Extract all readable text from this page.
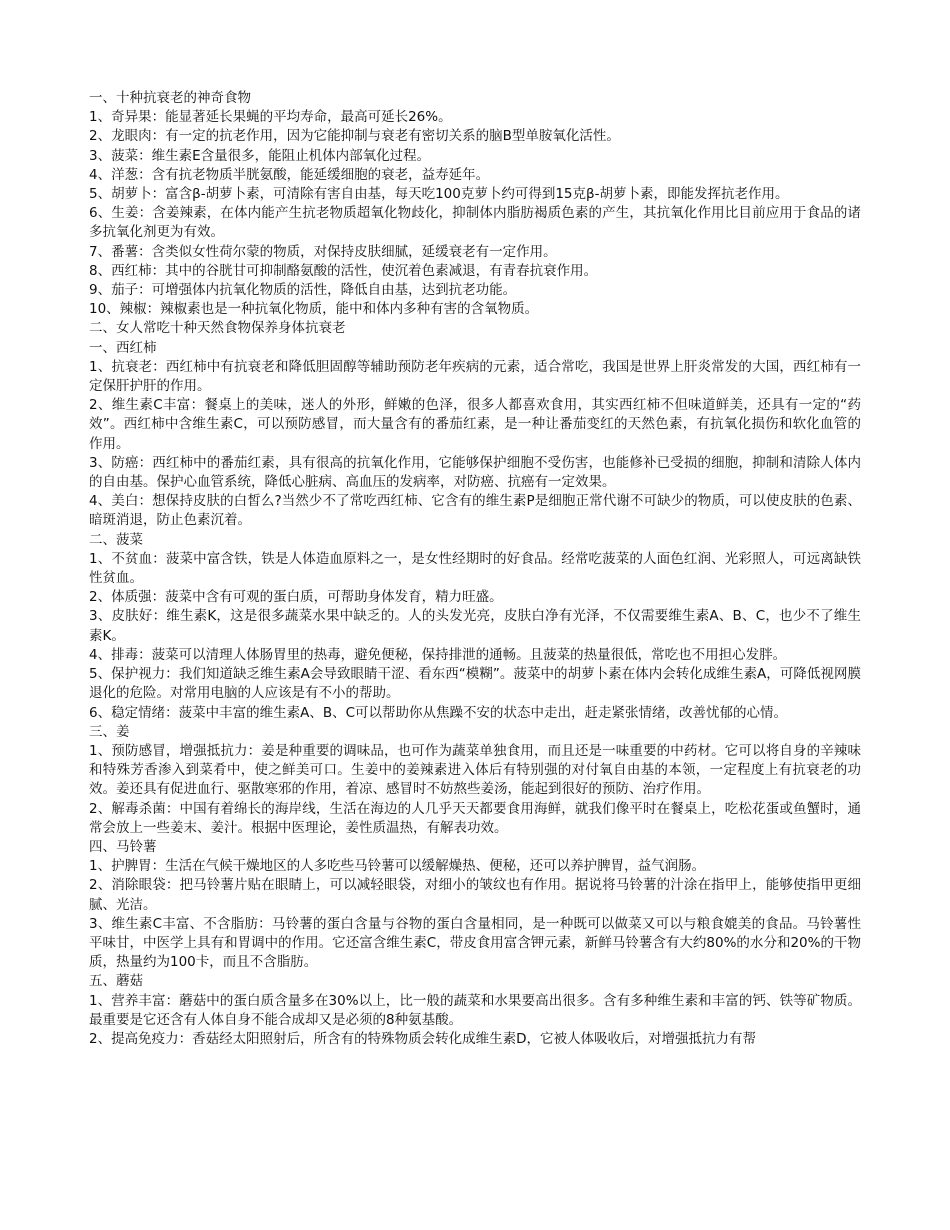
一、十种抗衰老的神奇食物

1、奇异果：能显著延长果蝇的平均寿命，最高可延长26%。

2、龙眼肉：有一定的抗老作用，因为它能抑制与衰老有密切关系的脑B型单胺氧化活性。

3、菠菜：维生素E含量很多，能阻止机体内部氧化过程。

4、洋葱：含有抗老物质半胱氨酸，能延缓细胞的衰老，益寿延年。

5、胡萝卜：富含β-胡萝卜素，可清除有害自由基，每天吃100克萝卜约可得到15克β-胡萝卜素，即能发挥抗老作用。

6、生姜：含姜辣素，在体内能产生抗老物质超氧化物歧化，抑制体内脂肪褐质色素的产生，其抗氧化作用比目前应用于食品的诸多抗氧化剂更为有效。

7、番薯：含类似女性荷尔蒙的物质，对保持皮肤细腻，延缓衰老有一定作用。

8、西红柿：其中的谷胱甘可抑制酪氨酸的活性，使沉着色素减退，有青春抗衰作用。

9、茄子：可增强体内抗氧化物质的活性，降低自由基，达到抗老功能。

10、辣椒：辣椒素也是一种抗氧化物质，能中和体内多种有害的含氧物质。

二、女人常吃十种天然食物保养身体抗衰老

一、西红柿

1、抗衰老：西红柿中有抗衰老和降低胆固醇等辅助预防老年疾病的元素，适合常吃，我国是世界上肝炎常发的大国，西红柿有一定保肝护肝的作用。

2、维生素C丰富：餐桌上的美味，迷人的外形，鲜嫩的色泽，很多人都喜欢食用，其实西红柿不但味道鲜美，还具有一定的“药效”。西红柿中含维生素C，可以预防感冒，而大量含有的番茄红素，是一种让番茄变红的天然色素，有抗氧化损伤和软化血管的作用。

3、防癌：西红柿中的番茄红素，具有很高的抗氧化作用，它能够保护细胞不受伤害，也能修补已受损的细胞，抑制和清除人体内的自由基。保护心血管系统，降低心脏病、高血压的发病率，对防癌、抗癌有一定效果。

4、美白：想保持皮肤的白皙么?当然少不了常吃西红柿、它含有的维生素P是细胞正常代谢不可缺少的物质，可以使皮肤的色素、暗斑消退，防止色素沉着。

二、菠菜

1、不贫血：菠菜中富含铁，铁是人体造血原料之一，是女性经期时的好食品。经常吃菠菜的人面色红润、光彩照人，可远离缺铁性贫血。

2、体质强：菠菜中含有可观的蛋白质，可帮助身体发育，精力旺盛。

3、皮肤好：维生素K，这是很多蔬菜水果中缺乏的。人的头发光亮，皮肤白净有光泽，不仅需要维生素A、B、C，也少不了维生素K。

4、排毒：菠菜可以清理人体肠胃里的热毒，避免便秘，保持排泄的通畅。且菠菜的热量很低，常吃也不用担心发胖。

5、保护视力：我们知道缺乏维生素A会导致眼睛干涩、看东西“模糊”。菠菜中的胡萝卜素在体内会转化成维生素A，可降低视网膜退化的危险。对常用电脑的人应该是有不小的帮助。

6、稳定情绪：菠菜中丰富的维生素A、B、C可以帮助你从焦躁不安的状态中走出，赶走紧张情绪，改善忧郁的心情。

三、姜

1、预防感冒，增强抵抗力：姜是种重要的调味品，也可作为蔬菜单独食用，而且还是一味重要的中药材。它可以将自身的辛辣味和特殊芳香渗入到菜肴中，使之鲜美可口。生姜中的姜辣素进入体后有特别强的对付氧自由基的本领，一定程度上有抗衰老的功效。姜还具有促进血行、驱散寒邪的作用，着凉、感冒时不妨熬些姜汤，能起到很好的预防、治疗作用。

2、解毒杀菌：中国有着绵长的海岸线，生活在海边的人几乎天天都要食用海鲜，就我们像平时在餐桌上，吃松花蛋或鱼蟹时，通常会放上一些姜末、姜汁。根据中医理论，姜性质温热，有解表功效。

四、马铃薯

1、护脾胃：生活在气候干燥地区的人多吃些马铃薯可以缓解燥热、便秘，还可以养护脾胃，益气润肠。

2、消除眼袋：把马铃薯片贴在眼睛上，可以减轻眼袋，对细小的皱纹也有作用。据说将马铃薯的汁涂在指甲上，能够使指甲更细腻、光洁。

3、维生素C丰富、不含脂肪：马铃薯的蛋白含量与谷物的蛋白含量相同，是一种既可以做菜又可以与粮食媲美的食品。马铃薯性平味甘，中医学上具有和胃调中的作用。它还富含维生素C，带皮食用富含钾元素，新鲜马铃薯含有大约80%的水分和20%的干物质，热量约为100卡，而且不含脂肪。

五、蘑菇

1、营养丰富：蘑菇中的蛋白质含量多在30%以上，比一般的蔬菜和水果要高出很多。含有多种维生素和丰富的钙、铁等矿物质。最重要是它还含有人体自身不能合成却又是必须的8种氨基酸。

2、提高免疫力：香菇经太阳照射后，所含有的特殊物质会转化成维生素D，它被人体吸收后，对增强抵抗力有帮
